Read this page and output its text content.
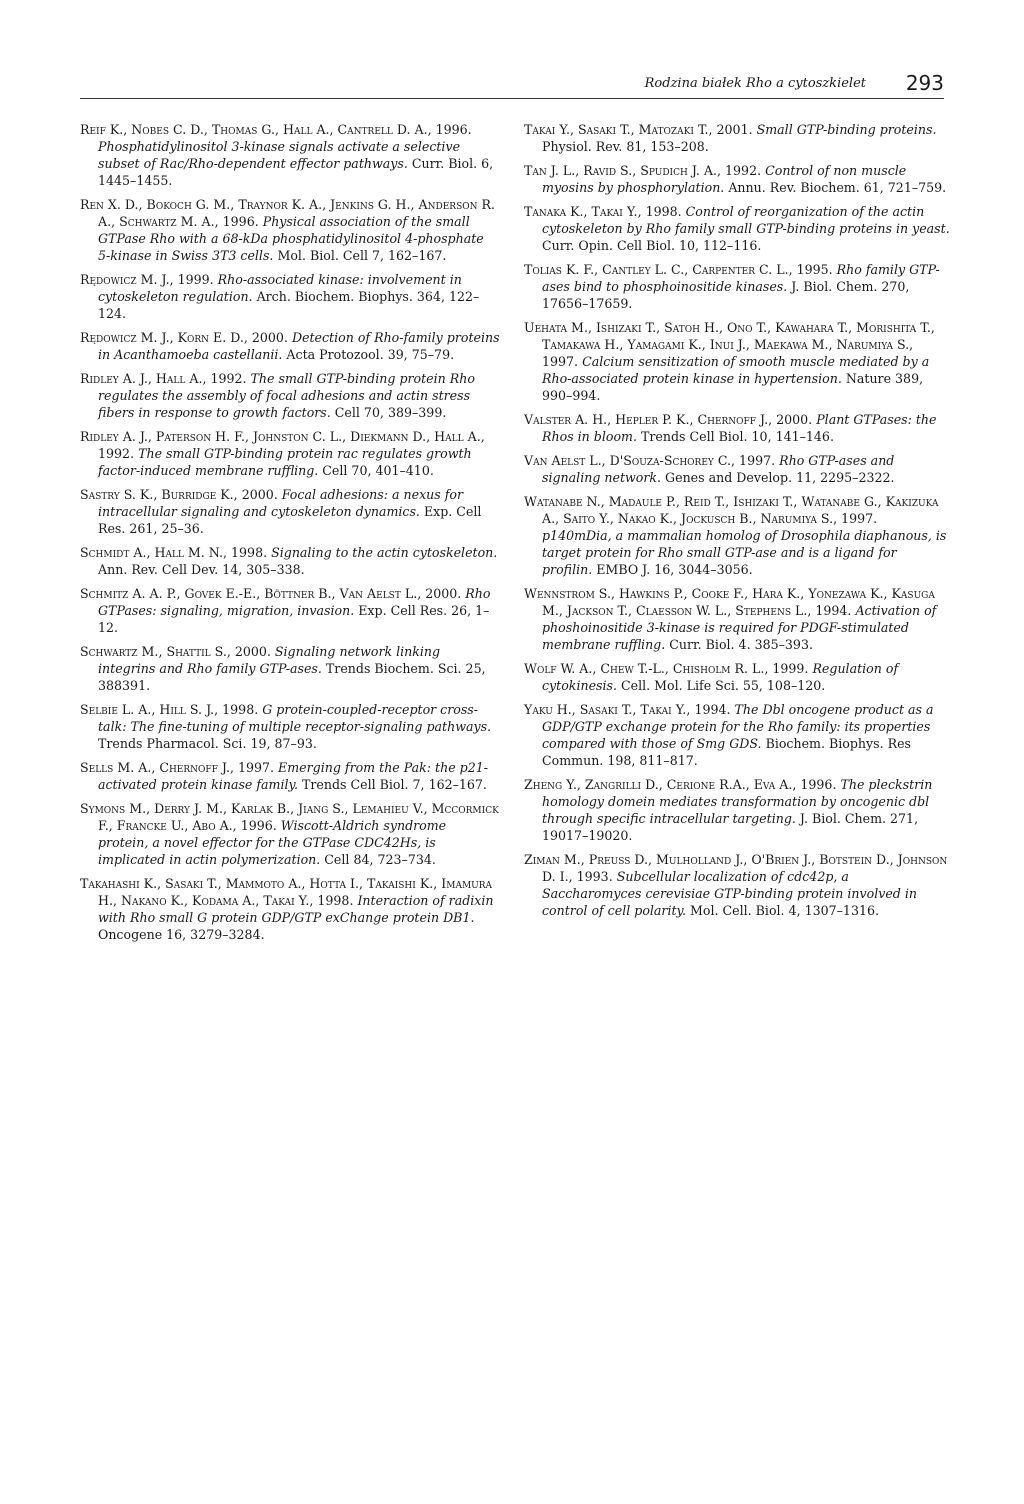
Rodzina białek Rho a cytoszkielet 293

Reif K., Nobes C. D., Thomas G., Hall A., Cantrell D. A., 1996. Phosphatidylinositol 3-kinase signals activate a selective subset of Rac/Rho-dependent effector pathways. Curr. Biol. 6, 1445–1455.

Ren X. D., Bokoch G. M., Traynor K. A., Jenkins G. H., Anderson R. A., Schwartz M. A., 1996. Physical association of the small GTPase Rho with a 68-kDa phosphatidylinositol 4-phosphate 5-kinase in Swiss 3T3 cells. Mol. Biol. Cell 7, 162–167.

Rędowicz M. J., 1999. Rho-associated kinase: involvement in cytoskeleton regulation. Arch. Biochem. Biophys. 364, 122–124.

Rędowicz M. J., Korn E. D., 2000. Detection of Rho-family proteins in Acanthamoeba castellanii. Acta Protozool. 39, 75–79.

Ridley A. J., Hall A., 1992. The small GTP-binding protein Rho regulates the assembly of focal adhesions and actin stress fibers in response to growth factors. Cell 70, 389–399.

Ridley A. J., Paterson H. F., Johnston C. L., Diekmann D., Hall A., 1992. The small GTP-binding protein rac regulates growth factor-induced membrane ruffling. Cell 70, 401–410.

Sastry S. K., Burridge K., 2000. Focal adhesions: a nexus for intracellular signaling and cytoskeleton dynamics. Exp. Cell Res. 261, 25–36.

Schmidt A., Hall M. N., 1998. Signaling to the actin cytoskeleton. Ann. Rev. Cell Dev. 14, 305–338.

Schmitz A. A. P., Govek E.-E., Böttner B., Van Aelst L., 2000. Rho GTPases: signaling, migration, invasion. Exp. Cell Res. 26, 1–12.

Schwartz M., Shattil S., 2000. Signaling network linking integrins and Rho family GTP-ases. Trends Biochem. Sci. 25, 388391.

Selbie L. A., Hill S. J., 1998. G protein-coupled-receptor cross-talk: The fine-tuning of multiple receptor-signaling pathways. Trends Pharmacol. Sci. 19, 87–93.

Sells M. A., Chernoff J., 1997. Emerging from the Pak: the p21-activated protein kinase family. Trends Cell Biol. 7, 162–167.

Symons M., Derry J. M., Karlak B., Jiang S., Lemahieu V., Mccormick F., Francke U., Abo A., 1996. Wiscott-Aldrich syndrome protein, a novel effector for the GTPase CDC42Hs, is implicated in actin polymerization. Cell 84, 723–734.

Takahashi K., Sasaki T., Mammoto A., Hotta I., Takaishi K., Imamura H., Nakano K., Kodama A., Takai Y., 1998. Interaction of radixin with Rho small G protein GDP/GTP exChange protein DB1. Oncogene 16, 3279–3284.

Takai Y., Sasaki T., Matozaki T., 2001. Small GTP-binding proteins. Physiol. Rev. 81, 153–208.

Tan J. L., Ravid S., Spudich J. A., 1992. Control of non muscle myosins by phosphorylation. Annu. Rev. Biochem. 61, 721–759.

Tanaka K., Takai Y., 1998. Control of reorganization of the actin cytoskeleton by Rho family small GTP-binding proteins in yeast. Curr. Opin. Cell Biol. 10, 112–116.

Tolias K. F., Cantley L. C., Carpenter C. L., 1995. Rho family GTP-ases bind to phosphoinositide kinases. J. Biol. Chem. 270, 17656–17659.

Uehata M., Ishizaki T., Satoh H., Ono T., Kawahara T., Morishita T., Tamakawa H., Yamagami K., Inui J., Maekawa M., Narumiya S., 1997. Calcium sensitization of smooth muscle mediated by a Rho-associated protein kinase in hypertension. Nature 389, 990–994.

Valster A. H., Hepler P. K., Chernoff J., 2000. Plant GTPases: the Rhos in bloom. Trends Cell Biol. 10, 141–146.

Van Aelst L., D'Souza-Schorey C., 1997. Rho GTP-ases and signaling network. Genes and Develop. 11, 2295–2322.

Watanabe N., Madaule P., Reid T., Ishizaki T., Watanabe G., Kakizuka A., Saito Y., Nakao K., Jockusch B., Narumiya S., 1997. p140mDia, a mammalian homolog of Drosophila diaphanous, is target protein for Rho small GTP-ase and is a ligand for profilin. EMBO J. 16, 3044–3056.

Wennstrom S., Hawkins P., Cooke F., Hara K., Yonezawa K., Kasuga M., Jackson T., Claesson W. L., Stephens L., 1994. Activation of phoshoinositide 3-kinase is required for PDGF-stimulated membrane ruffling. Curr. Biol. 4. 385–393.

Wolf W. A., Chew T.-L., Chisholm R. L., 1999. Regulation of cytokinesis. Cell. Mol. Life Sci. 55, 108–120.

Yaku H., Sasaki T., Takai Y., 1994. The Dbl oncogene product as a GDP/GTP exchange protein for the Rho family: its properties compared with those of Smg GDS. Biochem. Biophys. Res Commun. 198, 811–817.

Zheng Y., Zangrilli D., Cerione R.A., Eva A., 1996. The pleckstrin homology domein mediates transformation by oncogenic dbl through specific intracellular targeting. J. Biol. Chem. 271, 19017–19020.

Ziman M., Preuss D., Mulholland J., O'Brien J., Botstein D., Johnson D. I., 1993. Subcellular localization of cdc42p, a Saccharomyces cerevisiae GTP-binding protein involved in control of cell polarity. Mol. Cell. Biol. 4, 1307–1316.
